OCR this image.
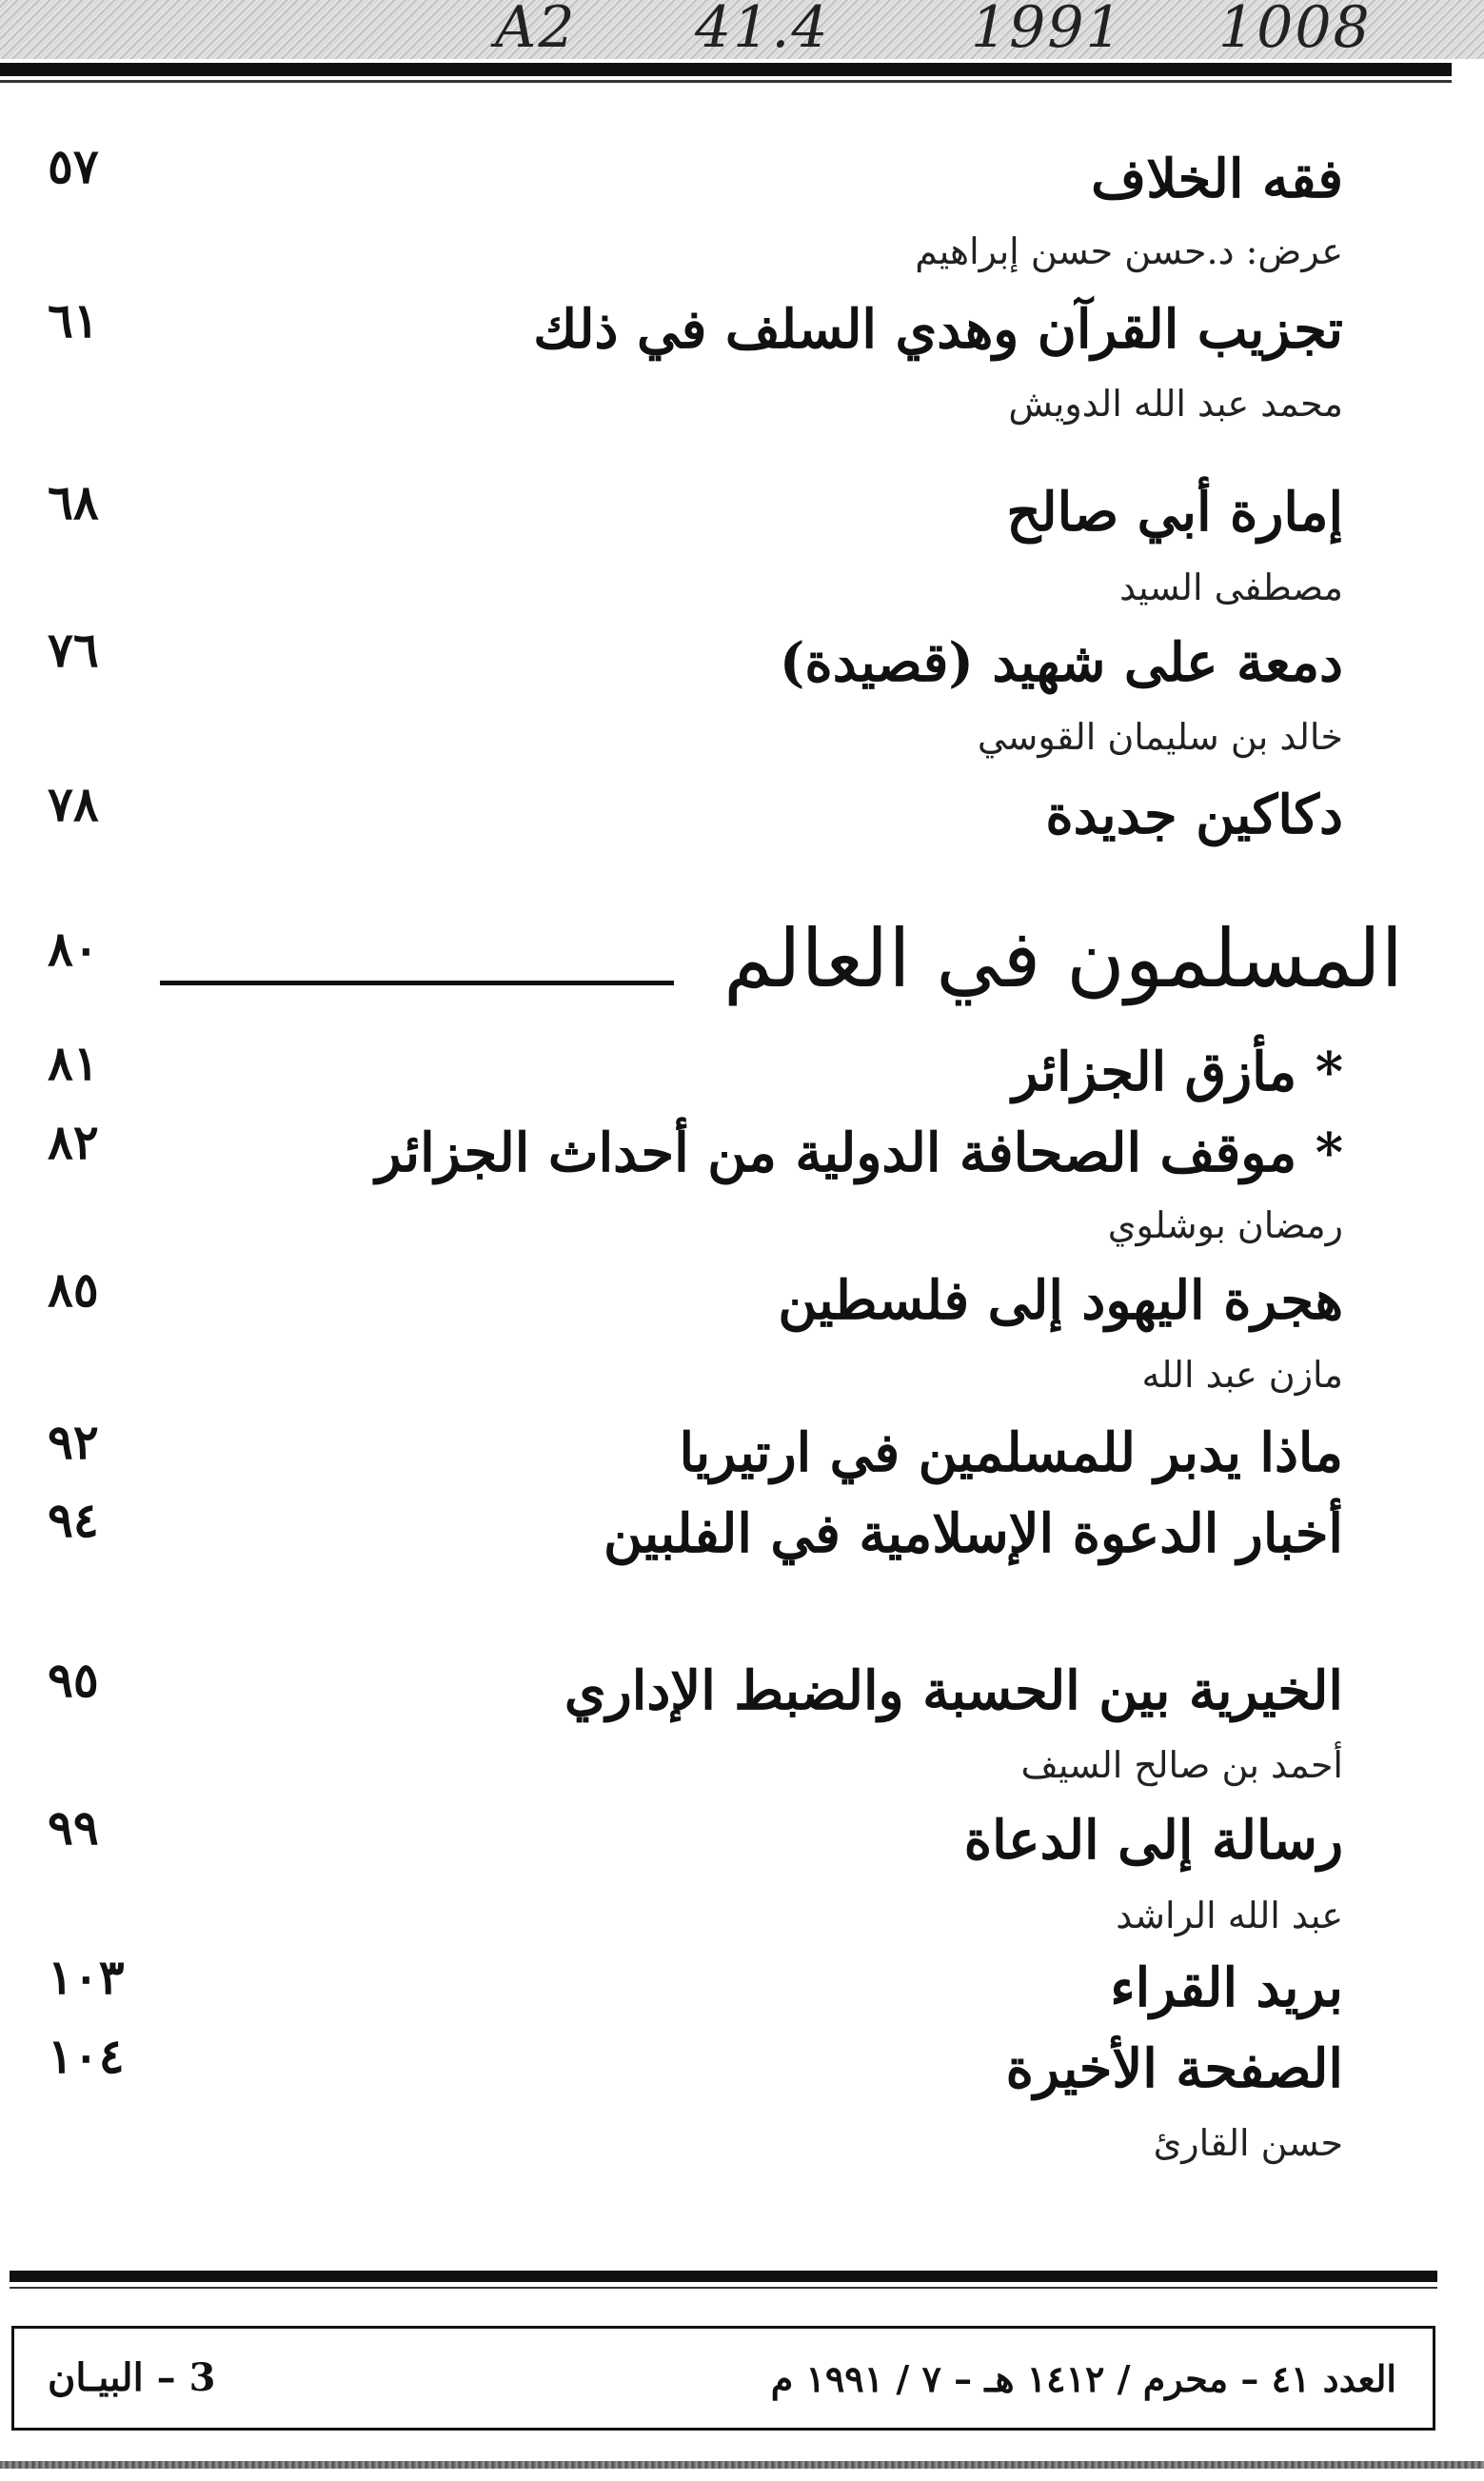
A2 41.4 1991 1008
فقه الخلاف
٥٧
عرض: د.حسن حسن إبراهيم
تجزيب القرآن وهدي السلف في ذلك
٦١
محمد عبد الله الدويش
إمارة أبي صالح
٦٨
مصطفى السيد
دمعة على شهيد (قصيدة)
٧٦
خالد بن سليمان القوسي
دكاكين جديدة
٧٨
المسلمون في العالم
٨٠
* مأزق الجزائر
٨١
* موقف الصحافة الدولية من أحداث الجزائر
٨٢
رمضان بوشلوي
هجرة اليهود إلى فلسطين
٨٥
مازن عبد الله
ماذا يدبر للمسلمين في ارتيريا
٩٢
أخبار الدعوة الإسلامية في الفلبين
٩٤
الخيرية بين الحسبة والضبط الإداري
٩٥
أحمد بن صالح السيف
رسالة إلى الدعاة
٩٩
عبد الله الراشد
بريد القراء
١٠٣
الصفحة الأخيرة
١٠٤
حسن القارئ
العدد ٤١ – محرم / ١٤١٢ هـ – ٧ / ١٩٩١ م
3 – البيـان
